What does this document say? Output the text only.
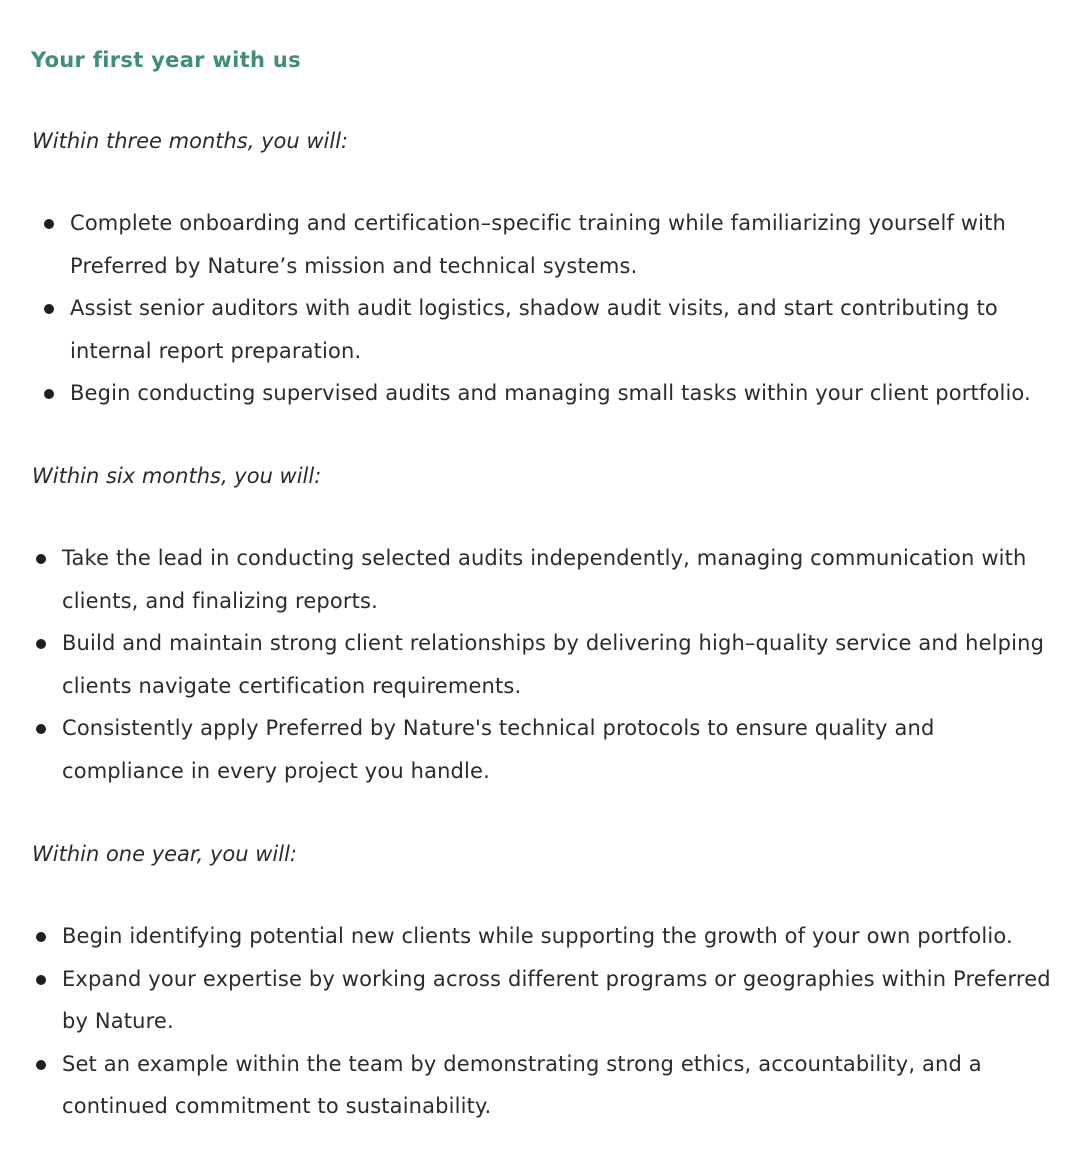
Your first year with us

Within three months, you will:

Complete onboarding and certification–specific training while familiarizing yourself with
Preferred by Nature’s mission and technical systems.
Assist senior auditors with audit logistics, shadow audit visits, and start contributing to
internal report preparation.
Begin conducting supervised audits and managing small tasks within your client portfolio.

Within six months, you will:

Take the lead in conducting selected audits independently, managing communication with
clients, and finalizing reports.
Build and maintain strong client relationships by delivering high–quality service and helping
clients navigate certification requirements.
Consistently apply Preferred by Nature's technical protocols to ensure quality and
compliance in every project you handle.

Within one year, you will:

Begin identifying potential new clients while supporting the growth of your own portfolio.
Expand your expertise by working across different programs or geographies within Preferred
by Nature.
Set an example within the team by demonstrating strong ethics, accountability, and a
continued commitment to sustainability.
